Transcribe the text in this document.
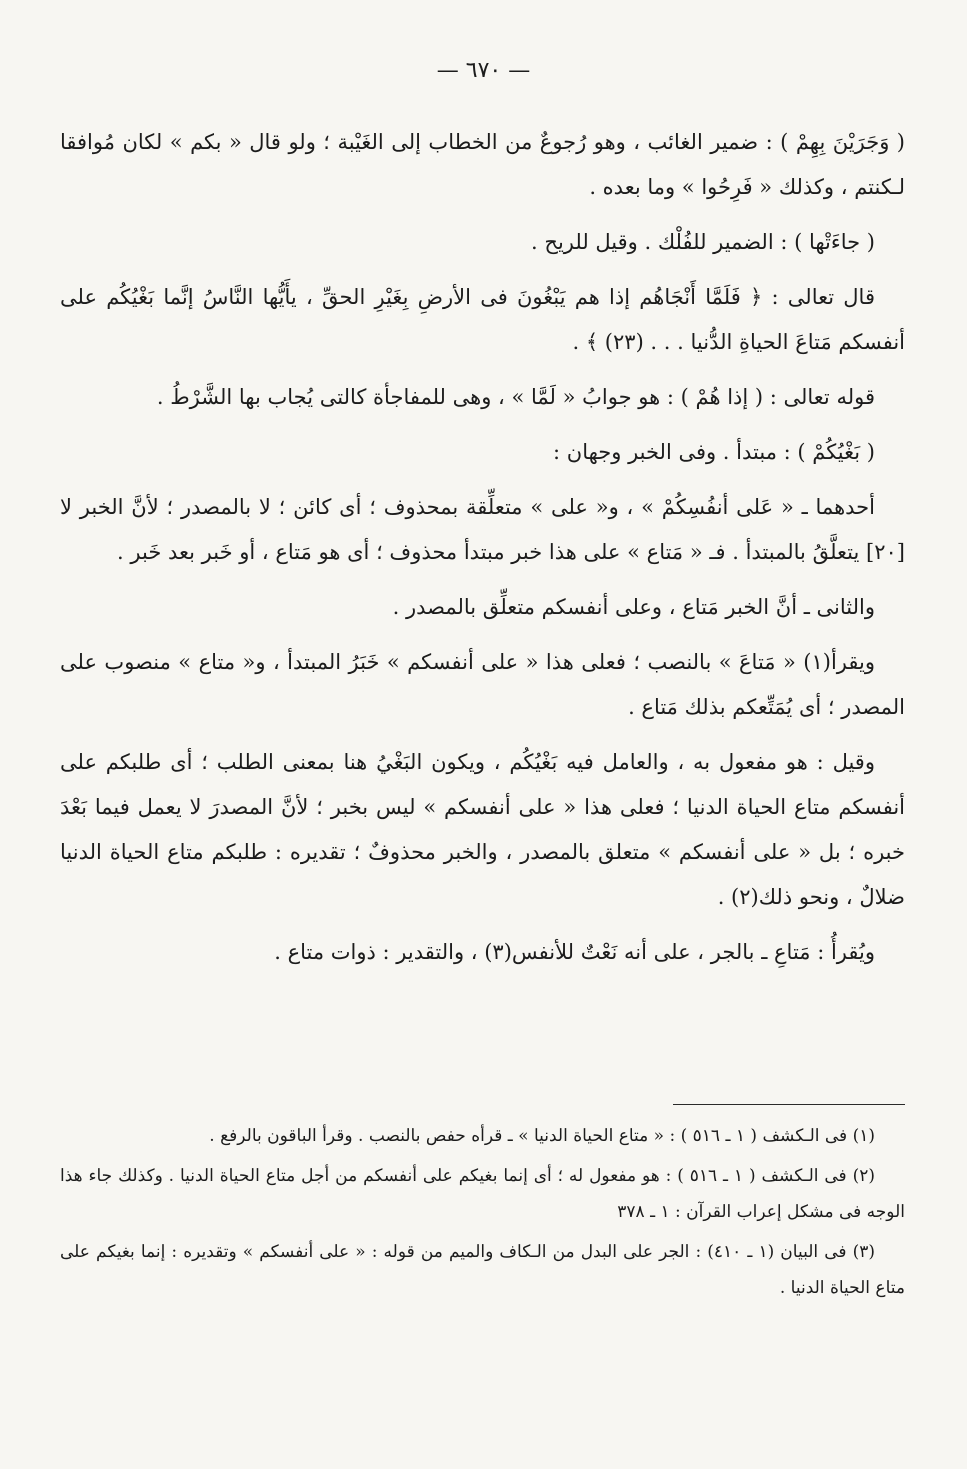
— ٦٧٠ —

( وَجَرَيْنَ بِهِمْ ) : ضمير الغائب ، وهو رُجوعٌ من الخطاب إلى الغَيْبة ؛ ولو قال « بكم » لكان مُوافقا لـكنتم ، وكذلك « فَرِحُوا » وما بعده .

( جاءَتْها ) : الضمير للفُلْك . وقيل للريح .

قال تعالى : ﴿ فَلَمَّا أَنْجَاهُم إذا هم يَبْغُونَ فى الأرضِ بِغَيْرِ الحقِّ ، يأَيُّها النَّاسُ إنَّما بَغْيُكُم على أنفسكم مَتاعَ الحياةِ الدُّنيا . . . (٢٣) ﴾ .

قوله تعالى : ( إذا هُمْ ) : هو جوابُ « لَمَّا » ، وهى للمفاجأة كالتى يُجاب بها الشَّرْطُ .

( بَغْيُكُمْ ) : مبتدأ . وفى الخبر وجهان :

أحدهما ـ « عَلى أنفُسِكُمْ » ، و« على » متعلِّقة بمحذوف ؛ أى كائن ؛ لا بالمصدر ؛ لأنَّ الخبر لا [٢٠] يتعلَّقُ بالمبتدأ . فـ « مَتاع » على هذا خبر مبتدأ محذوف ؛ أى هو مَتاع ، أو خَبر بعد خَبر .

والثانى ـ أنَّ الخبر مَتاع ، وعلى أنفسكم متعلِّق بالمصدر .

ويقرأ(١) « مَتاعَ » بالنصب ؛ فعلى هذا « على أنفسكم » خَبَرُ المبتدأ ، و« متاع » منصوب على المصدر ؛ أى يُمَتِّعكم بذلك مَتاع .

وقيل : هو مفعول به ، والعامل فيه بَغْيُكُم ، ويكون البَغْيُ هنا بمعنى الطلب ؛ أى طلبكم على أنفسكم متاع الحياة الدنيا ؛ فعلى هذا « على أنفسكم » ليس بخبر ؛ لأنَّ المصدرَ لا يعمل فيما بَعْدَ خبره ؛ بل « على أنفسكم » متعلق بالمصدر ، والخبر محذوفٌ ؛ تقديره : طلبكم متاع الحياة الدنيا ضلالٌ ، ونحو ذلك(٢) .

ويُقرأُ : مَتاعِ ـ بالجر ، على أنه نَعْتٌ للأنفس(٣) ، والتقدير : ذوات متاع .

(١) فى الـكشف ( ١ ـ ٥١٦ ) : « متاع الحياة الدنيا » ـ قرأه حفص بالنصب . وقرأ الباقون بالرفع .

(٢) فى الـكشف ( ١ ـ ٥١٦ ) : هو مفعول له ؛ أى إنما بغيكم على أنفسكم من أجل متاع الحياة الدنيا . وكذلك جاء هذا الوجه فى مشكل إعراب القرآن : ١ ـ ٣٧٨

(٣) فى البيان (١ ـ ٤١٠) : الجر على البدل من الـكاف والميم من قوله : « على أنفسكم » وتقديره : إنما بغيكم على متاع الحياة الدنيا .
